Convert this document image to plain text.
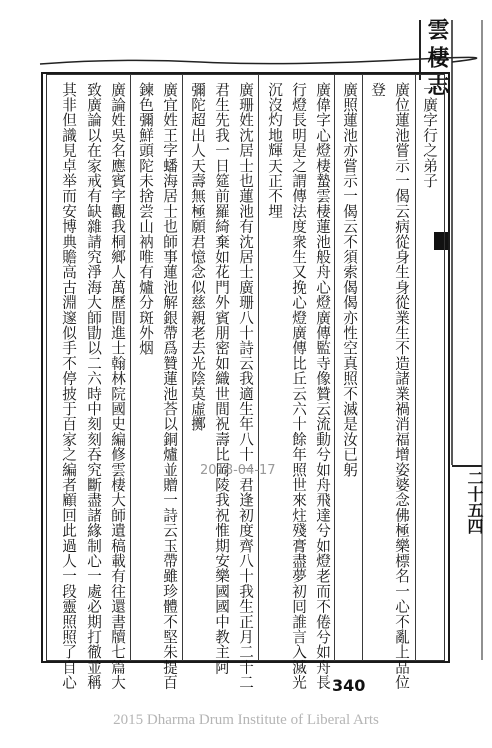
雲棲志
二十五四
一廣字行之弟子
廣位蓮池嘗示一偈云病從身生身從業生不造諸業禍消福增姿婆念佛極樂標名一心不亂上品位
登
廣照蓮池亦嘗示一偈云不須索偈偈亦性空真照不滅是汝已躬
廣偉字心燈棲蟄雲棲蓮池般舟心燈廣傳監寺像贊云流動兮如舟飛達兮如燈老而不倦兮如舟長
行燈長明是之謂傳法度衆生又挽心燈廣傳比丘云六十餘年照世來炷殘膏盡夢初囘誰言入滅光
沉沒灼地輝天正不埋
廣珊姓沈居士也蓮池有沈居士廣珊八十詩云我適生年八十一君逢初度齊八十我生正月二十二
君生先我一日筵前羅綺棄如花門外賓朋密如織世間祝壽比岡陵我祝惟期安樂國國中教主阿
彌陀超出人天壽無極願君憶念似慈親老去光陰莫虛擲
廣宜姓王字蟠海居士也師事蓮池解銀帶爲贊蓮池荅以銅爐並贈一詩云玉帶雖珍體不堅朱提百
鍊色彌鮮頭陀未捨尝山衲唯有爐分斑外烟
廣論姓吳名應賓字觀我桐鄉人萬歷間進士翰林院國史編修雲棲大師遺稿載有往還書牘七篇大
致廣論以在家戒有缺雜請究淨海大師勖以二六時中刻刻吞究斷盡諸緣制心一處必期打徹並稱
其非但識見卓举而安博典贍高古淵邃似手不停披于百家之編者顧回此過人一段靈照照了自心	2018-04-17
340
2015 Dharma Drum Institute of Liberal Arts
